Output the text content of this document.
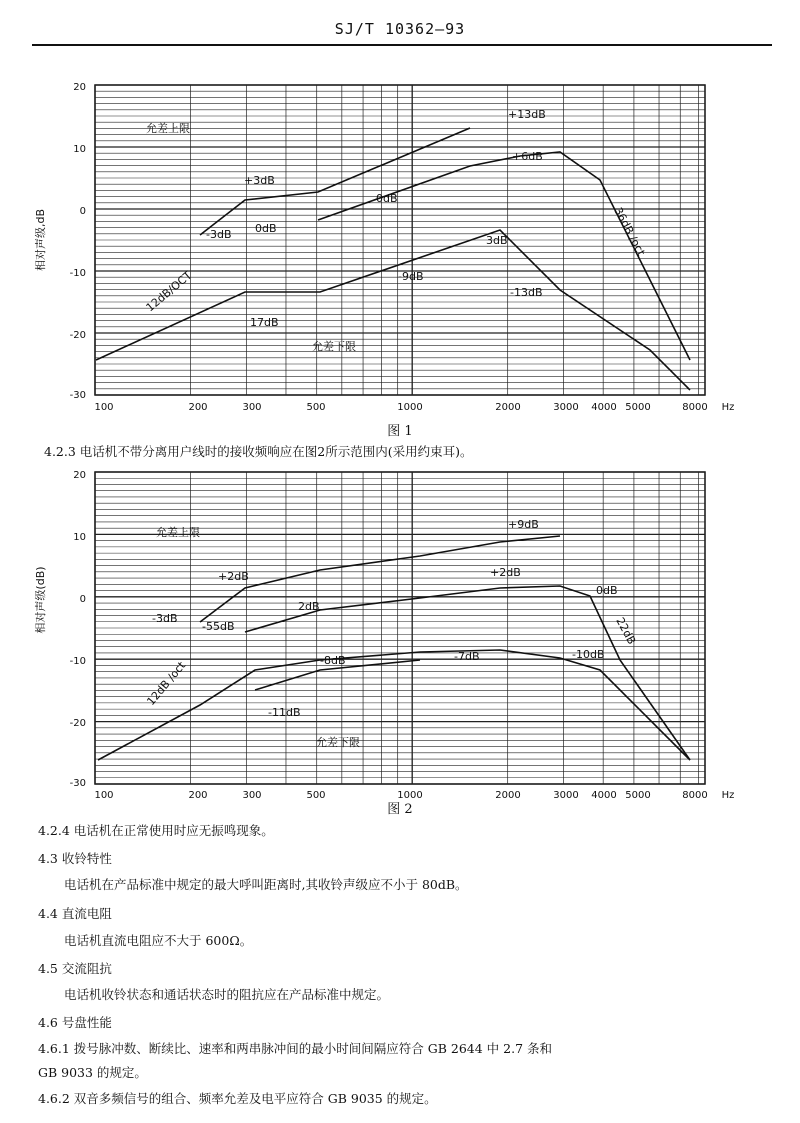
SJ/T 10362—93
相对声级,dB
20
10
0
-10
-20
-30
100	200	300	500	1000	2000	3000 4000 5000	8000 Hz
允差上限
允差下限
+13dB
+6dB
+3dB
0dB
0dB
-3dB	3dB
-9dB
-13dB
17dB
12dB/OCT
36dB /oct
图 1
4.2.3 电话机不带分离用户线时的接收频响应在图2所示范围内(采用约束耳)。
相对声级(dB)
20
10
0
-10
-20
-30
100	200	300	500	1000	2000	3000 4000 5000	8000 Hz
允差上限
允差下限
+9dB
+2dB	+2dB
-3dB
-55dB
2dB
0dB
-8dB	-7dB	-10dB
-11dB
12dB /oct
22dB
图 2
4.2.4 电话机在正常使用时应无振鸣现象。
4.3 收铃特性
电话机在产品标准中规定的最大呼叫距离时,其收铃声级应不小于 80dB。
4.4 直流电阻
电话机直流电阻应不大于 600Ω。
4.5 交流阻抗
电话机收铃状态和通话状态时的阻抗应在产品标准中规定。
4.6 号盘性能
4.6.1 拨号脉冲数、断续比、速率和两串脉冲间的最小时间间隔应符合 GB 2644 中 2.7 条和
GB 9033 的规定。
4.6.2 双音多频信号的组合、频率允差及电平应符合 GB 9035 的规定。
